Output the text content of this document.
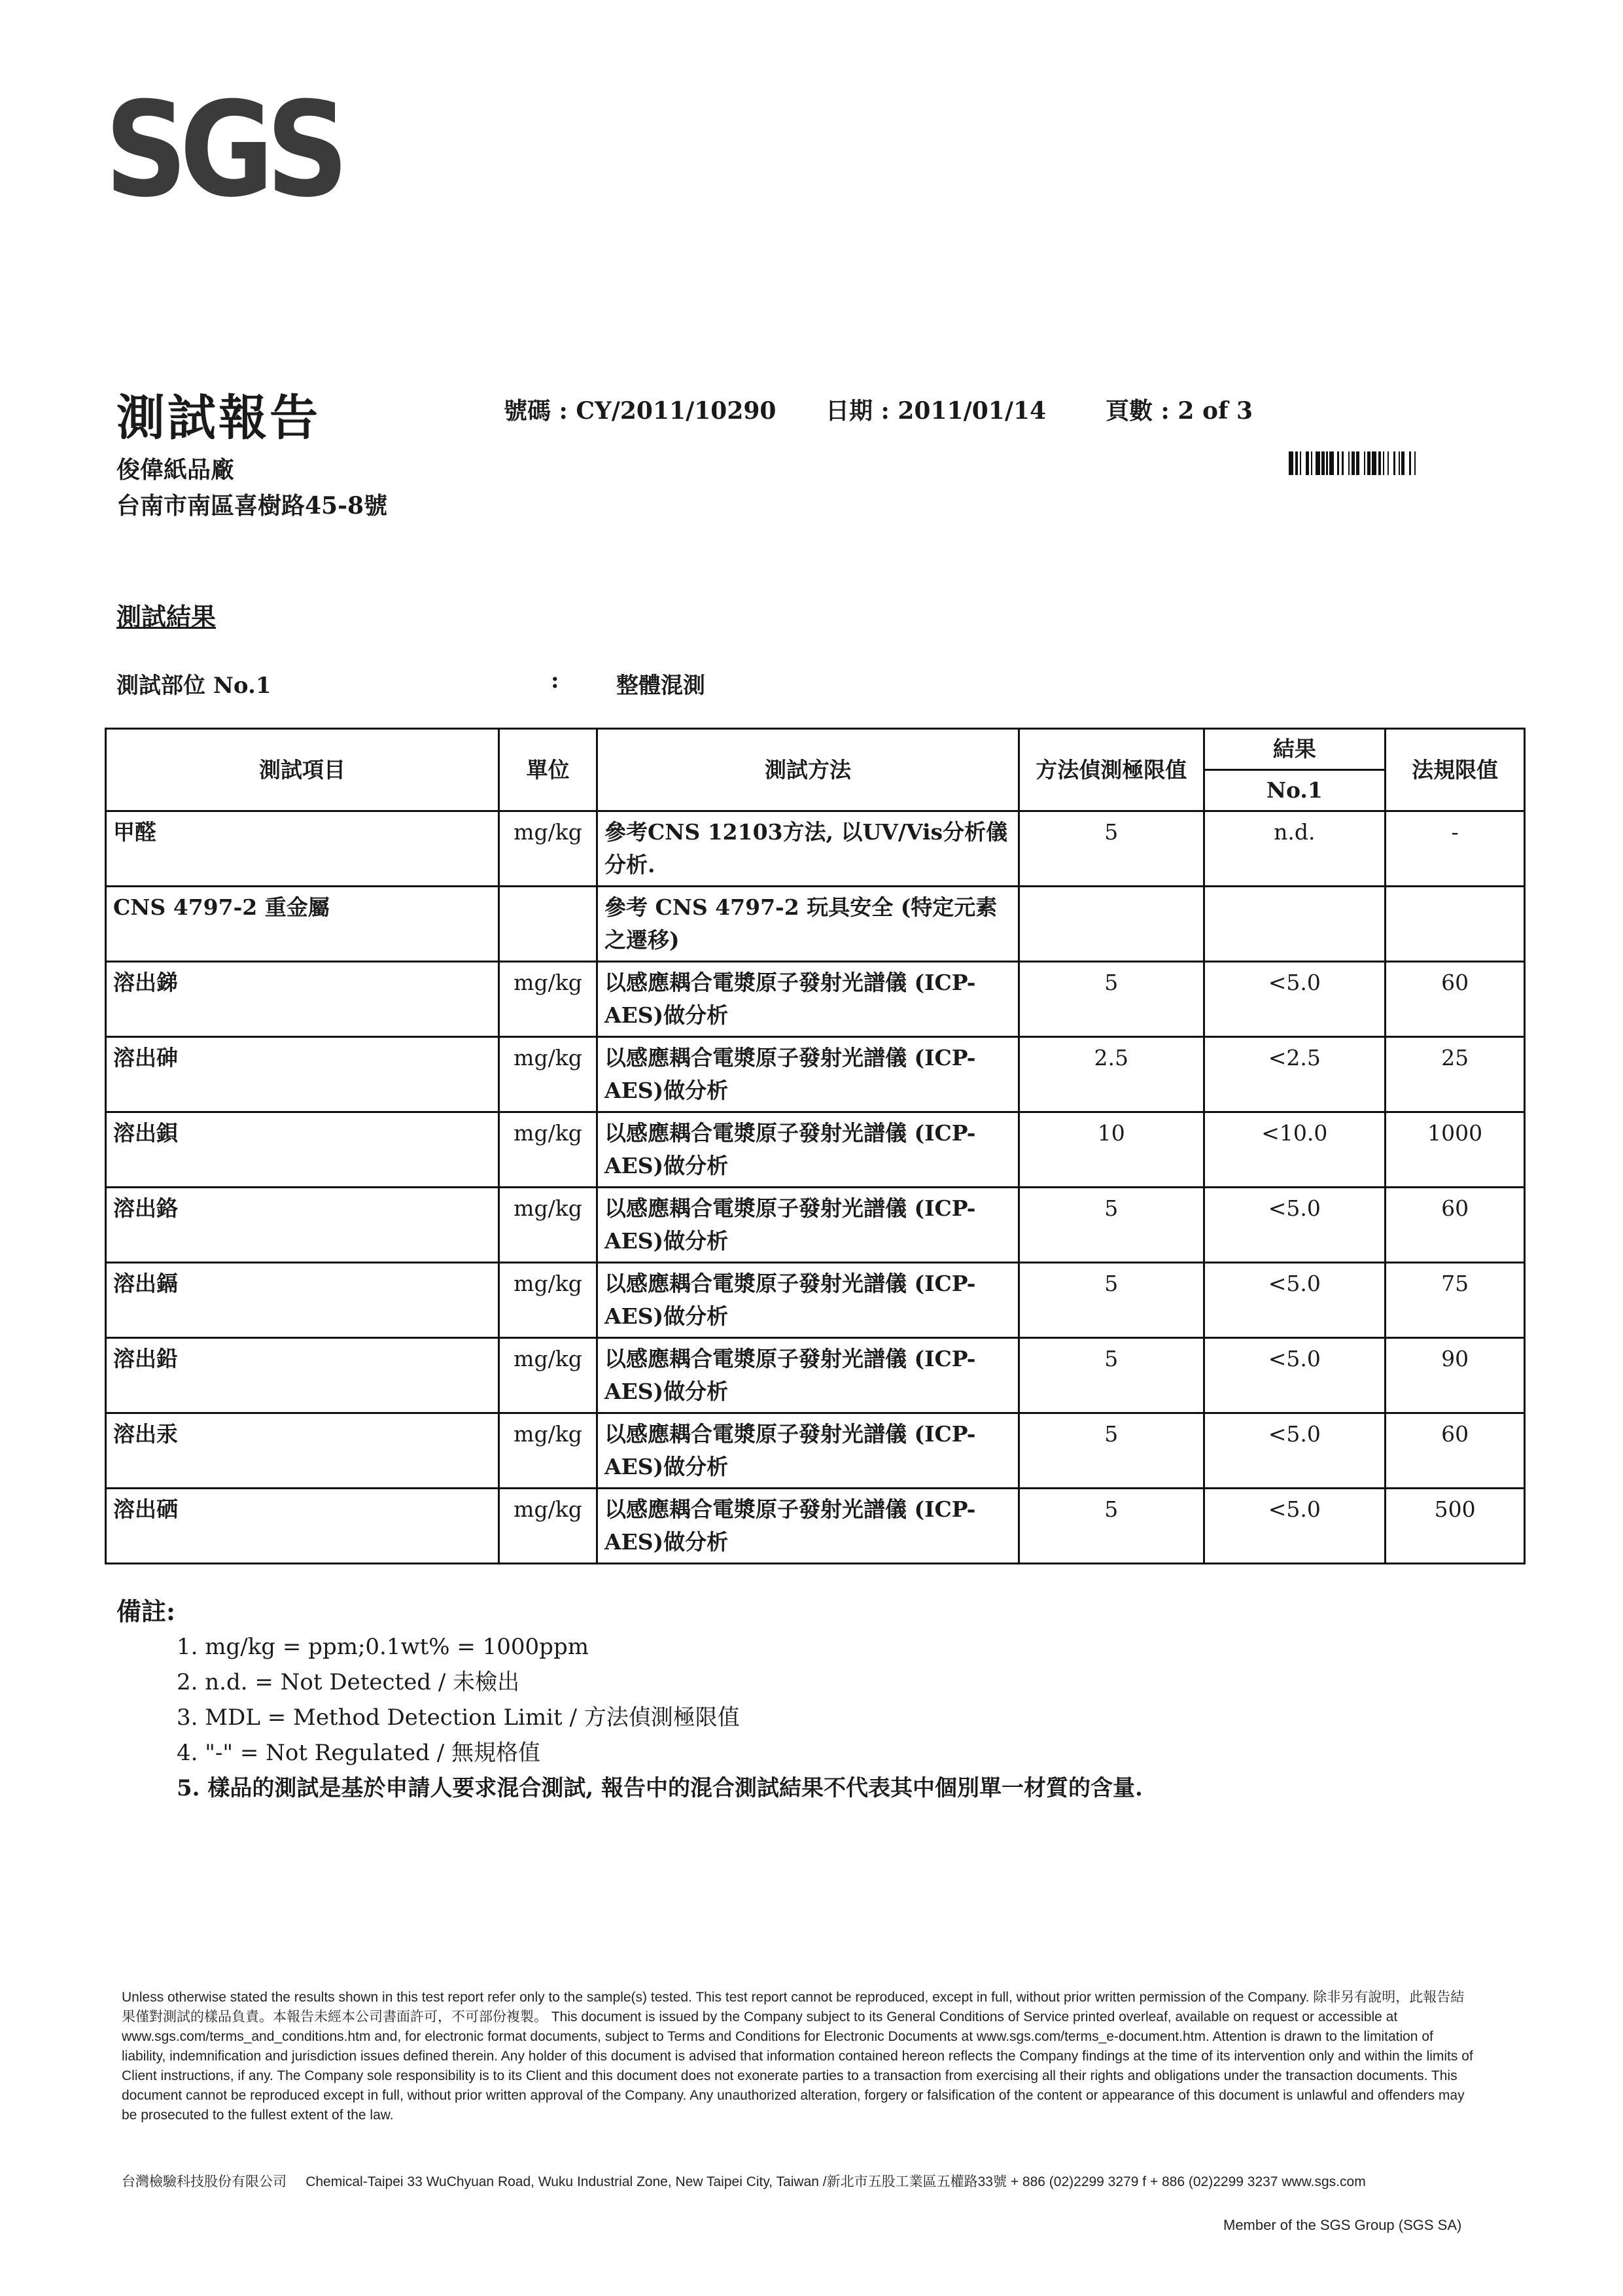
SGS
測試報告	號碼 : CY/2011/10290 日期 : 2011/01/14	頁數 : 2 of 3
俊偉紙品廠
台南市南區喜樹路45-8號
測試結果
測試部位 No.1	:	整體混測
測試項目	單位	測試方法	方法偵測極限值	結果	法規限值
				No.1	
甲醛	mg/kg	參考CNS 12103方法, 以UV/Vis分析儀分析.	5	n.d.	-
CNS 4797-2 重金屬		參考 CNS 4797-2 玩具安全 (特定元素之遷移)			
溶出銻	mg/kg	以感應耦合電漿原子發射光譜儀 (ICP-AES)做分析	5	<5.0	60
溶出砷	mg/kg	以感應耦合電漿原子發射光譜儀 (ICP-AES)做分析	2.5	<2.5	25
溶出鋇	mg/kg	以感應耦合電漿原子發射光譜儀 (ICP-AES)做分析	10	<10.0	1000
溶出鉻	mg/kg	以感應耦合電漿原子發射光譜儀 (ICP-AES)做分析	5	<5.0	60
溶出鎘	mg/kg	以感應耦合電漿原子發射光譜儀 (ICP-AES)做分析	5	<5.0	75
溶出鉛	mg/kg	以感應耦合電漿原子發射光譜儀 (ICP-AES)做分析	5	<5.0	90
溶出汞	mg/kg	以感應耦合電漿原子發射光譜儀 (ICP-AES)做分析	5	<5.0	60
溶出硒	mg/kg	以感應耦合電漿原子發射光譜儀 (ICP-AES)做分析	5	<5.0	500
備註:
1. mg/kg = ppm;0.1wt% = 1000ppm
2. n.d. = Not Detected / 未檢出
3. MDL = Method Detection Limit / 方法偵測極限值
4. "-" = Not Regulated / 無規格值
5. 樣品的測試是基於申請人要求混合測試, 報告中的混合測試結果不代表其中個別單一材質的含量.
Unless otherwise stated the results shown in this test report refer only to the sample(s) tested. This test report cannot be reproduced, except in full, without prior written permission of the Company. 除非另有說明，此報告結果僅對測試的樣品負責。本報告未經本公司書面許可，不可部份複製。 This document is issued by the Company subject to its General Conditions of Service printed overleaf, available on request or accessible at www.sgs.com/terms_and_conditions.htm and, for electronic format documents, subject to Terms and Conditions for Electronic Documents at www.sgs.com/terms_e-document.htm. Attention is drawn to the limitation of liability, indemnification and jurisdiction issues defined therein. Any holder of this document is advised that information contained hereon reflects the Company findings at the time of its intervention only and within the limits of Client instructions, if any. The Company sole responsibility is to its Client and this document does not exonerate parties to a transaction from exercising all their rights and obligations under the transaction documents. This document cannot be reproduced except in full, without prior written approval of the Company. Any unauthorized alteration, forgery or falsification of the content or appearance of this document is unlawful and offenders may be prosecuted to the fullest extent of the law.
台灣檢驗科技股份有限公司 Chemical-Taipei 33 WuChyuan Road, Wuku Industrial Zone, New Taipei City, Taiwan /新北市五股工業區五權路33號 + 886 (02)2299 3279 f + 886 (02)2299 3237 www.sgs.com
Member of the SGS Group (SGS SA)
